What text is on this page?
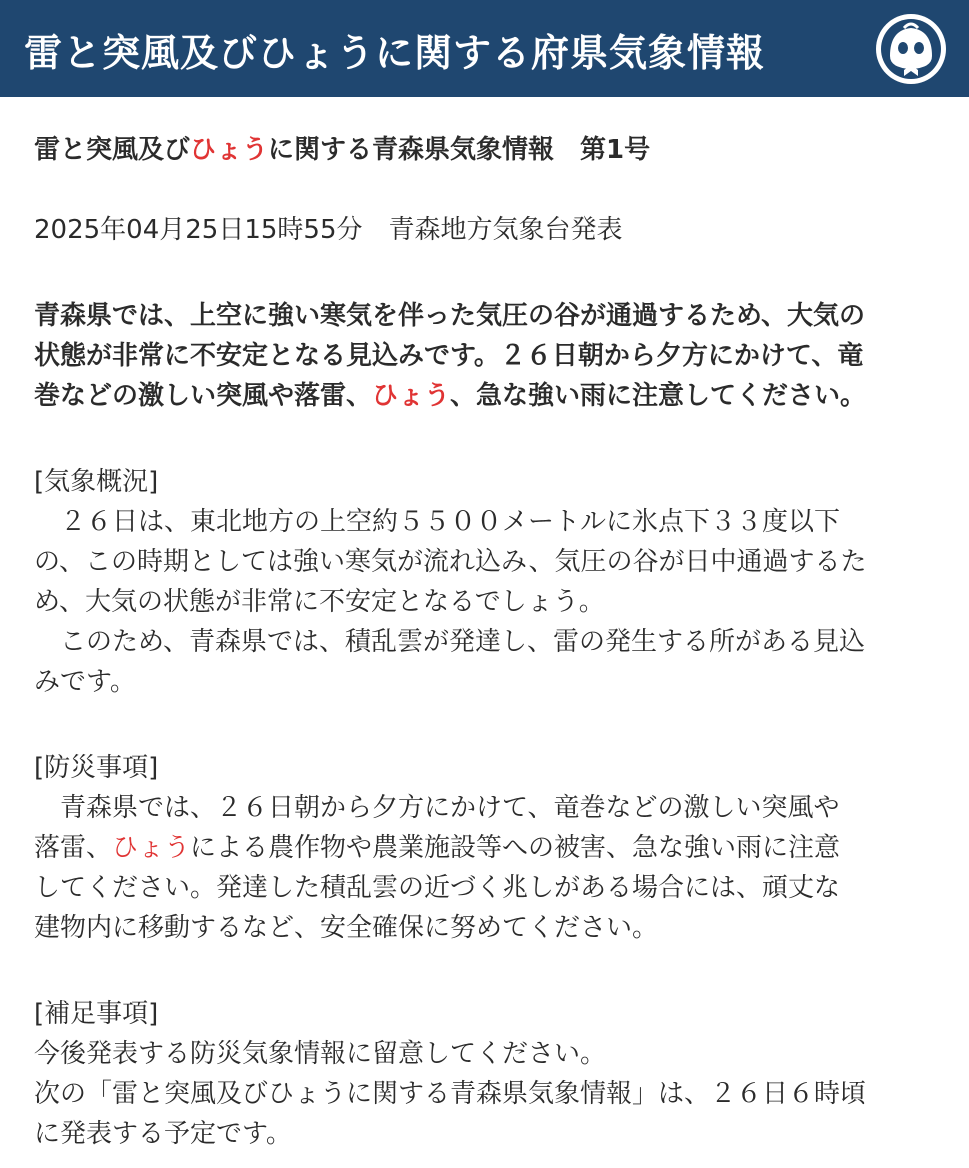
雷と突風及びひょうに関する府県気象情報
雷と突風及びひょうに関する青森県気象情報　第1号
2025年04月25日15時55分　青森地方気象台発表
青森県では、上空に強い寒気を伴った気圧の谷が通過するため、大気の
状態が非常に不安定となる見込みです。２６日朝から夕方にかけて、竜
巻などの激しい突風や落雷、ひょう、急な強い雨に注意してください。
[気象概況]
　２６日は、東北地方の上空約５５００メートルに氷点下３３度以下
の、この時期としては強い寒気が流れ込み、気圧の谷が日中通過するた
め、大気の状態が非常に不安定となるでしょう。
　このため、青森県では、積乱雲が発達し、雷の発生する所がある見込
みです。
[防災事項]
　青森県では、２６日朝から夕方にかけて、竜巻などの激しい突風や
落雷、ひょうによる農作物や農業施設等への被害、急な強い雨に注意
してください。発達した積乱雲の近づく兆しがある場合には、頑丈な
建物内に移動するなど、安全確保に努めてください。
[補足事項]
今後発表する防災気象情報に留意してください。
次の「雷と突風及びひょうに関する青森県気象情報」は、２６日６時頃
に発表する予定です。
